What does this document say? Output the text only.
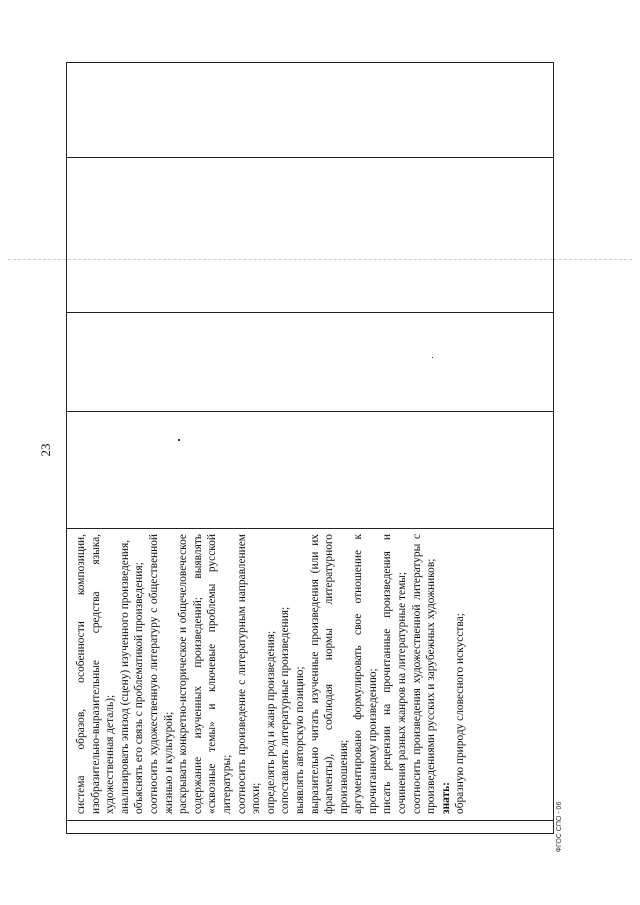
23

система образов, особенности композиции, изобразительно-выразительные средства языка, художественная деталь); анализировать эпизод (сцену) изученного произведения, объяснять его связь с проблематикой произведения; соотносить художественную литературу с общественной жизнью и культурой; раскрывать конкретно-историческое и общечеловеческое содержание изученных произведений; выявлять «сквозные темы» и ключевые проблемы русской литературы; соотносить произведение с литературным направлением эпохи; определять род и жанр произведения; сопоставлять литературные произведения; выявлять авторскую позицию; выразительно читать изученные произведения (или их фрагменты), соблюдая нормы литературного произношения; аргументировано формулировать свое отношение к прочитанному произведению; писать рецензии на прочитанные произведения и сочинения разных жанров на литературные темы; соотносить произведения художественной литературы с произведениями русских и зарубежных художников; знать: образную природу словесного искусства;

ФГОС СПО - 06
